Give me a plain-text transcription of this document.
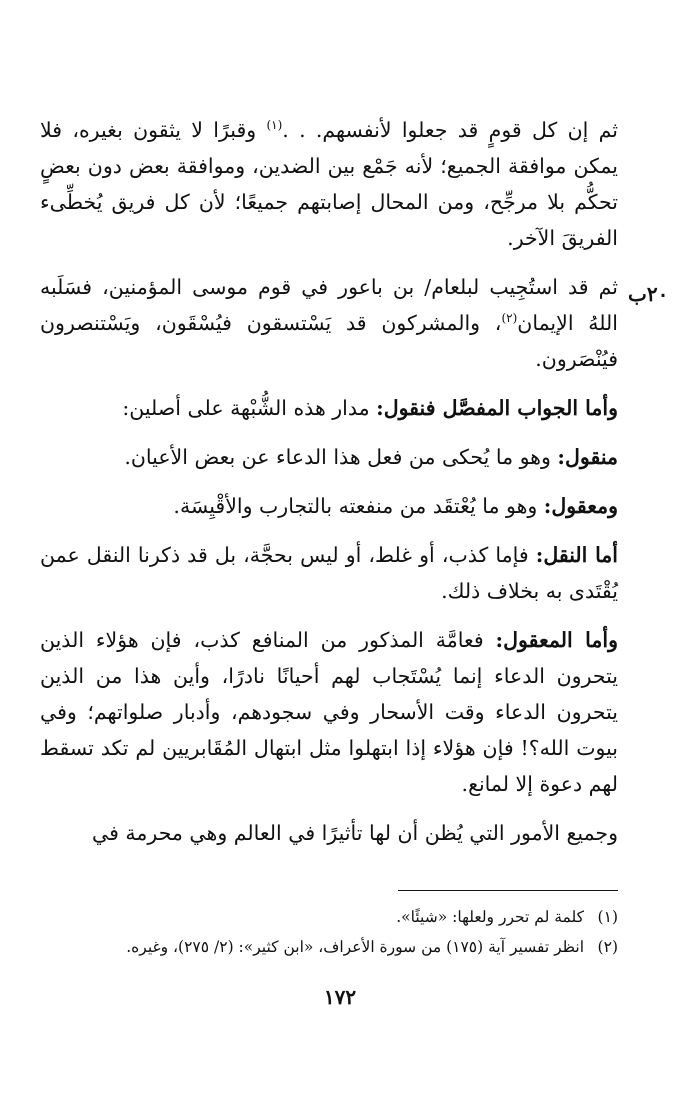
٢٠ب

ثم إن كل قومٍ قد جعلوا لأنفسهم. . .$^{(١)}$ وقبرًا لا يثقون بغيره، فلا يمكن موافقة الجميع؛ لأنه جَمْع بين الضدين، وموافقة بعض دون بعضٍ تحكُّم بلا مرجِّح، ومن المحال إصابتهم جميعًا؛ لأن كل فريق يُخطِّىء الفريقَ الآخر.

ثم قد استُجِيب لبلعام/ بن باعور في قوم موسى المؤمنين، فسَلَبه اللهُ الإيمان$^{(٢)}$، والمشركون قد يَسْتسقون فيُسْقَون، ويَسْتنصرون فيُنْصَرون.

وأما الجواب المفصَّل فنقول: مدار هذه الشُّبْهة على أصلين:

منقول: وهو ما يُحكى من فعل هذا الدعاء عن بعض الأعيان.

ومعقول: وهو ما يُعْتقَد من منفعته بالتجارب والأقْيِسَة.

أما النقل: فإما كذب، أو غلط، أو ليس بحجَّة، بل قد ذكرنا النقل عمن يُقْتَدى به بخلاف ذلك.

وأما المعقول: فعامَّة المذكور من المنافع كذب، فإن هؤلاء الذين يتحرون الدعاء إنما يُسْتَجاب لهم أحيانًا نادرًا، وأين هذا من الذين يتحرون الدعاء وقت الأسحار وفي سجودهم، وأدبار صلواتهم؛ وفي بيوت الله؟! فإن هؤلاء إذا ابتهلوا مثل ابتهال المُقَابريين لم تكد تسقط لهم دعوة إلا لمانع.

وجميع الأمور التي يُظن أن لها تأثيرًا في العالم وهي محرمة في

(١)كلمة لم تحرر ولعلها: «شيئًا».

(٢)انظر تفسير آية (١٧٥) من سورة الأعراف، «ابن كثير»: (٢/ ٢٧٥)، وغيره.

١٧٢
